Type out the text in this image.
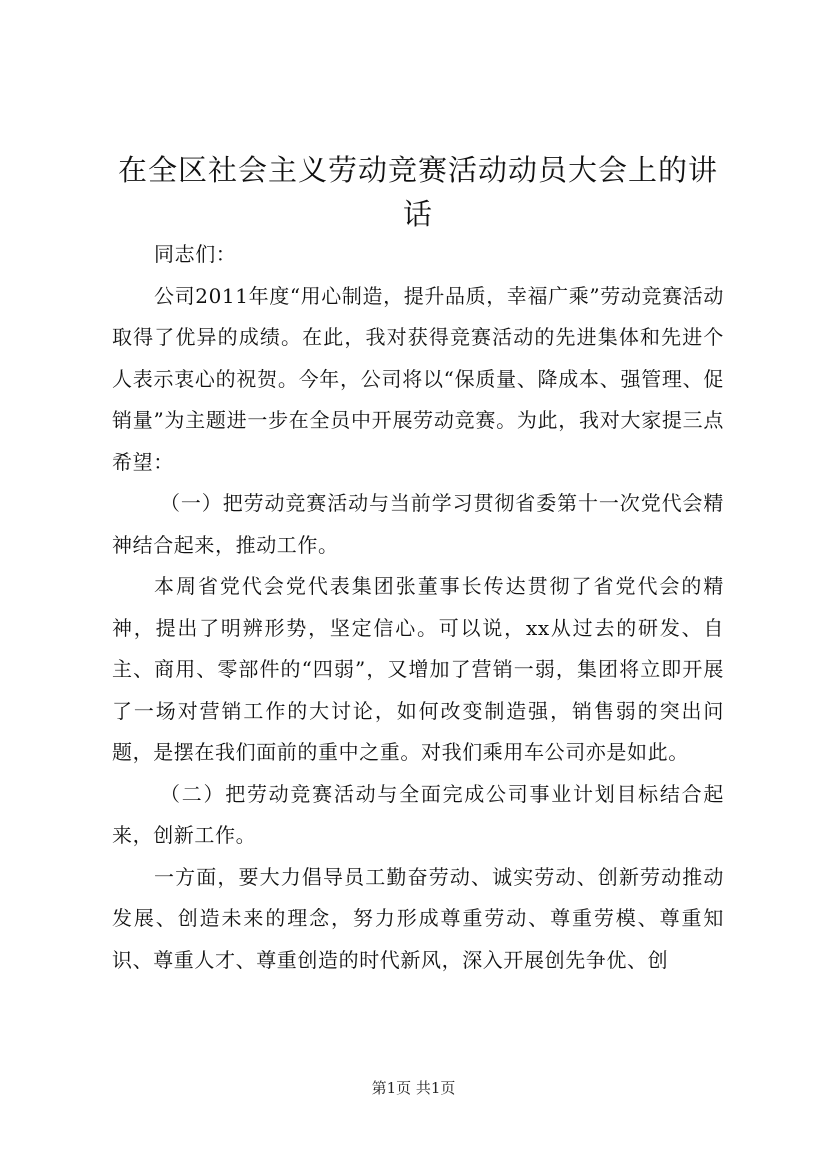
在全区社会主义劳动竞赛活动动员大会上的讲话

同志们：

公司2011年度“用心制造，提升品质，幸福广乘”劳动竞赛活动取得了优异的成绩。在此，我对获得竞赛活动的先进集体和先进个人表示衷心的祝贺。今年，公司将以“保质量、降成本、强管理、促销量”为主题进一步在全员中开展劳动竞赛。为此，我对大家提三点希望：

（一）把劳动竞赛活动与当前学习贯彻省委第十一次党代会精神结合起来，推动工作。

本周省党代会党代表集团张董事长传达贯彻了省党代会的精神，提出了明辨形势，坚定信心。可以说，xx从过去的研发、自主、商用、零部件的“四弱”，又增加了营销一弱，集团将立即开展了一场对营销工作的大讨论，如何改变制造强，销售弱的突出问题，是摆在我们面前的重中之重。对我们乘用车公司亦是如此。

（二）把劳动竞赛活动与全面完成公司事业计划目标结合起来，创新工作。

一方面，要大力倡导员工勤奋劳动、诚实劳动、创新劳动推动发展、创造未来的理念，努力形成尊重劳动、尊重劳模、尊重知识、尊重人才、尊重创造的时代新风，深入开展创先争优、创

第1页 共1页
